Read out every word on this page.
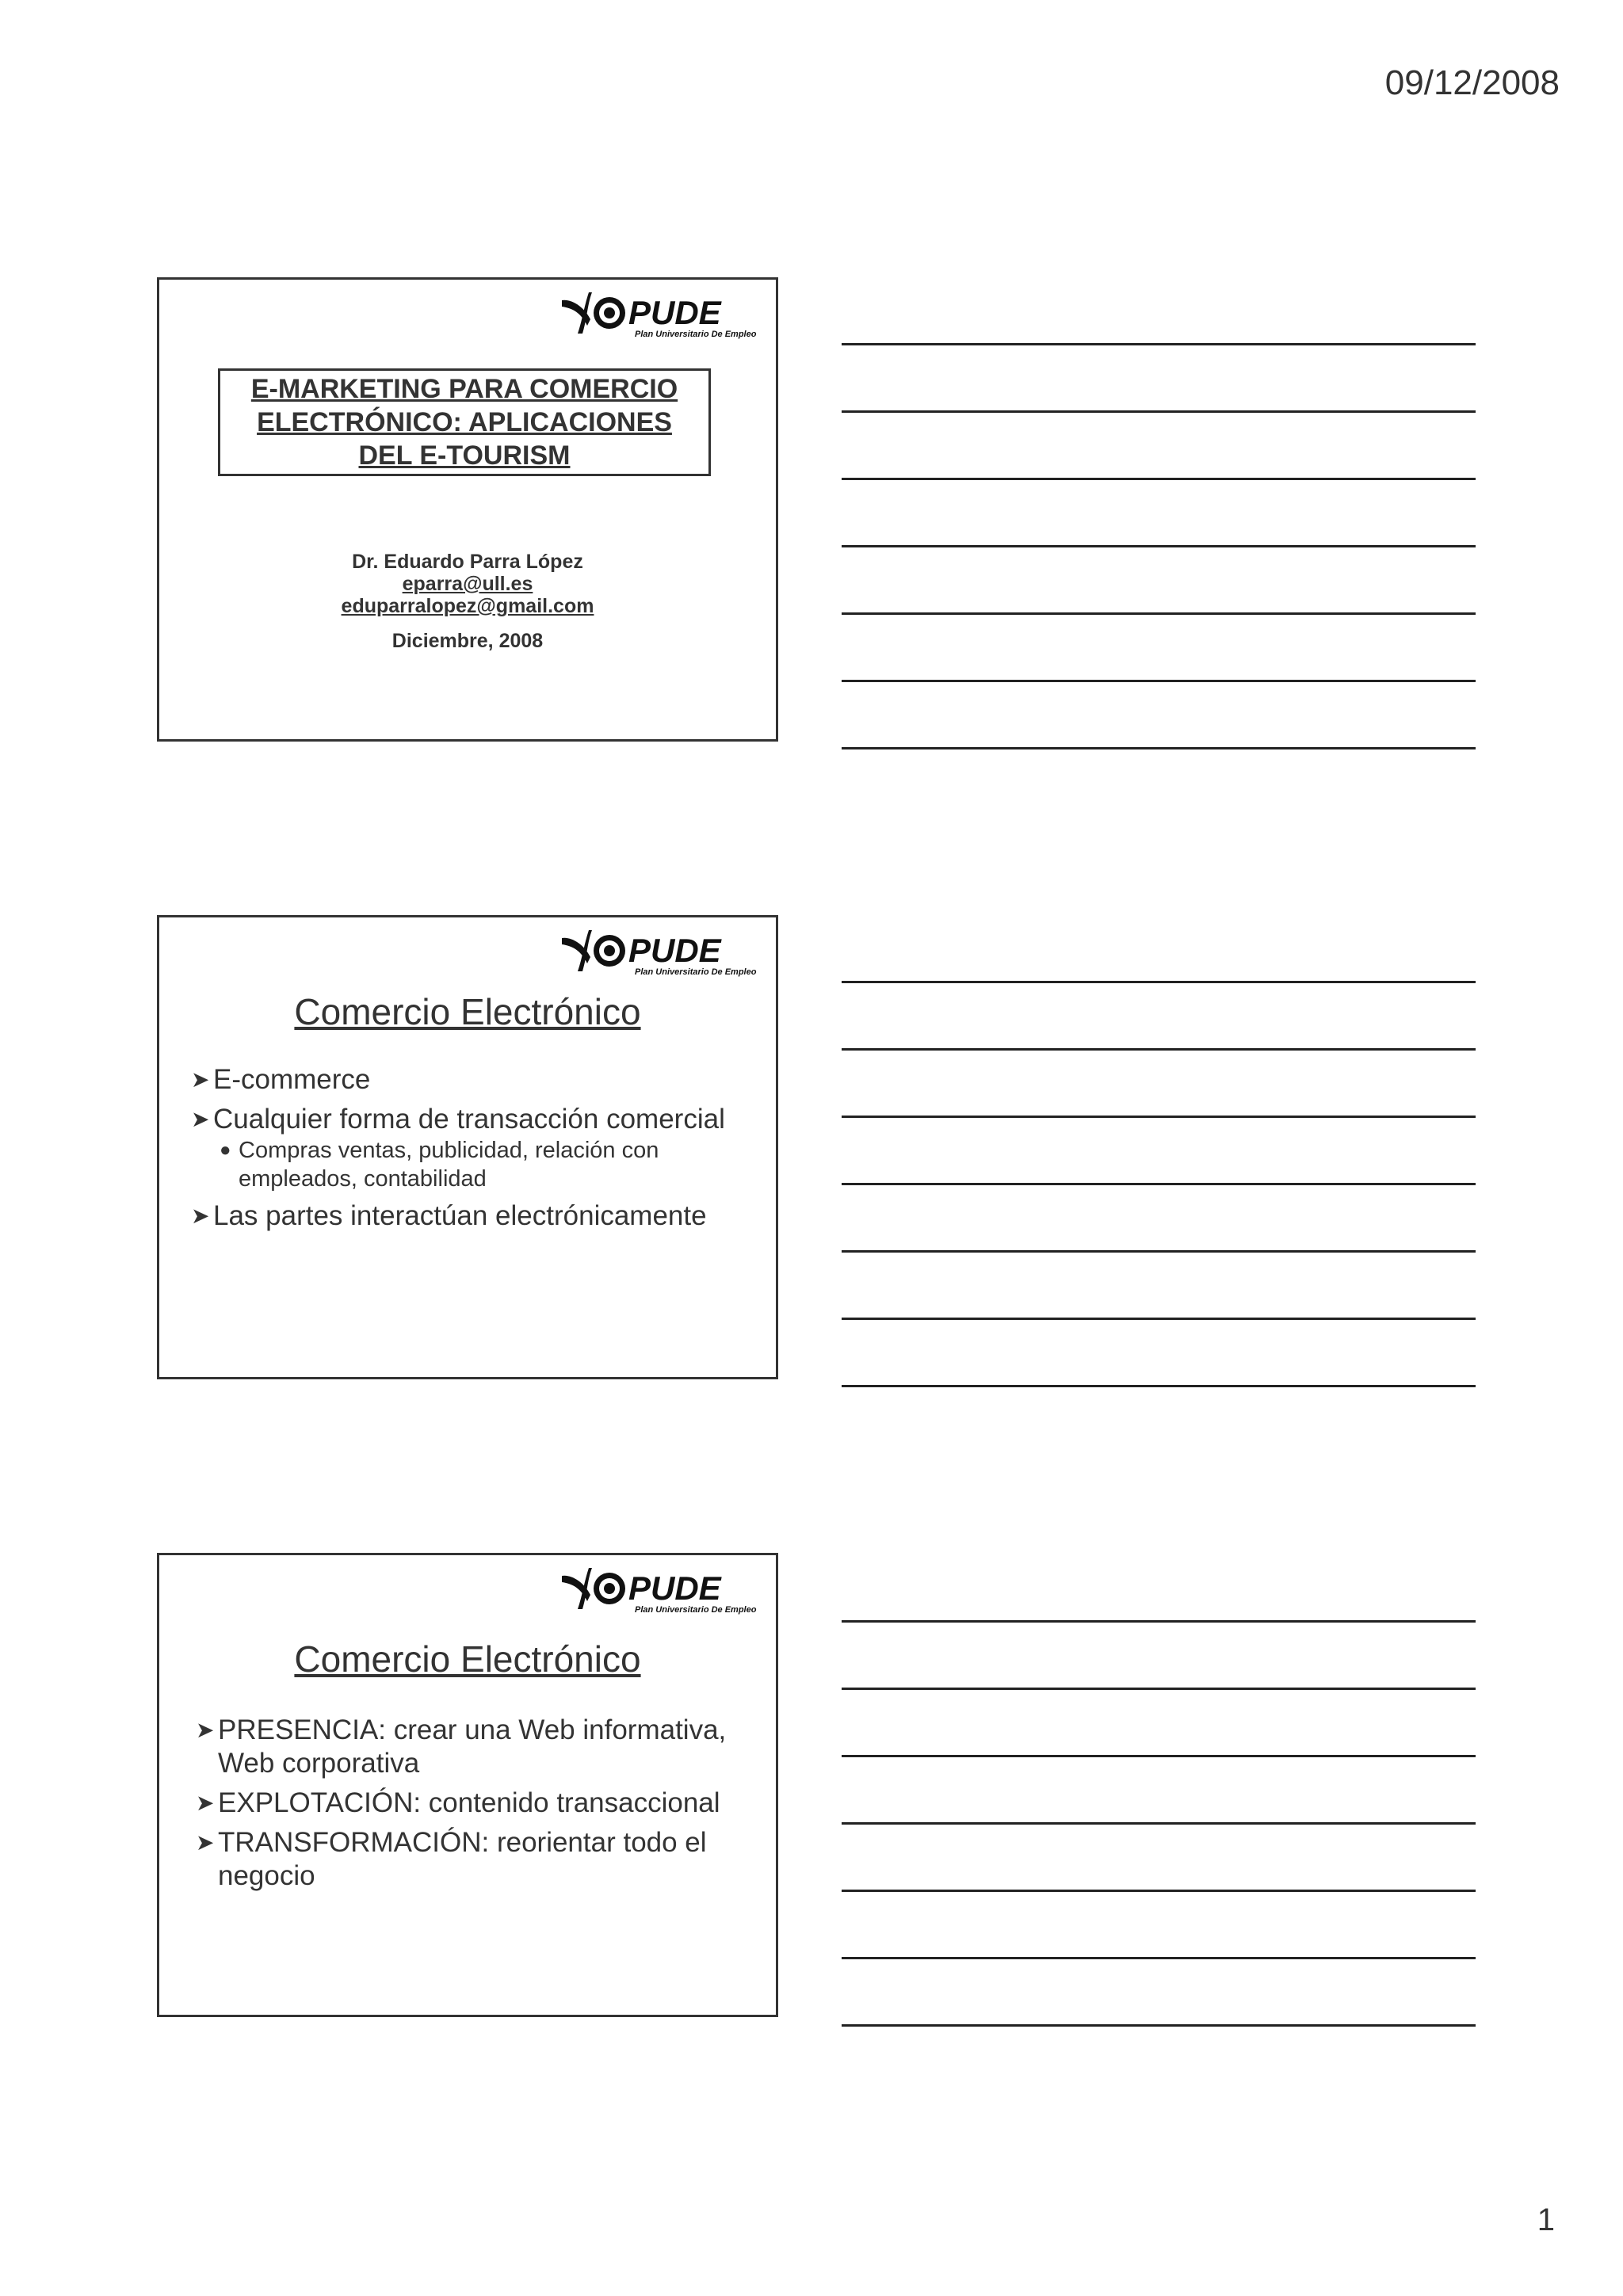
09/12/2008
PUDE
Plan Universitario De Empleo
E-MARKETING PARA COMERCIO
ELECTRÓNICO: APLICACIONES
DEL E-TOURISM
Dr. Eduardo Parra López
eparra@ull.es
eduparralopez@gmail.com
Diciembre, 2008
PUDE
Plan Universitario De Empleo
Comercio Electrónico
➤ E-commerce
➤ Cualquier forma de transacción comercial
● Compras ventas, publicidad, relación con
empleados, contabilidad
➤ Las partes interactúan electrónicamente
PUDE
Plan Universitario De Empleo
Comercio Electrónico
➤ PRESENCIA: crear una Web informativa,
Web corporativa
➤ EXPLOTACIÓN: contenido transaccional
➤ TRANSFORMACIÓN: reorientar todo el
negocio
1
